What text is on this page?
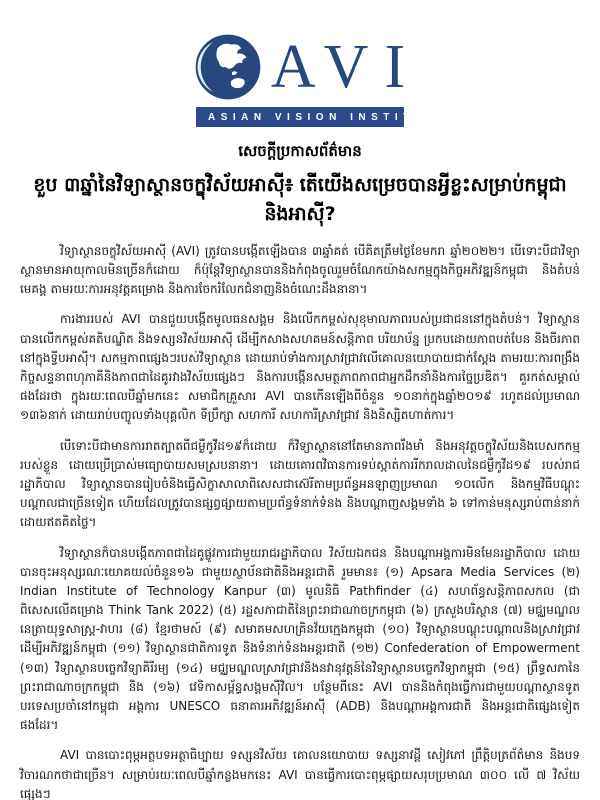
AVI
ASIAN VISION INSTITUTE
សេចក្តីប្រកាសព័ត៌មាន
ខួប ៣ឆ្នាំនៃវិទ្យាស្ថានចក្ខុវិស័យអាស៊ី៖ តើយើងសម្រេចបានអ្វីខ្លះសម្រាប់កម្ពុជា និងអាស៊ី?

វិទ្យាស្ថានចក្ខុវិស័យអាស៊ី (AVI) ត្រូវបានបង្កើតឡើងបាន ៣ឆ្នាំគត់ បើគិតត្រឹមថ្ងៃខែមករា ឆ្នាំ២០២២។ បើទោះបីជាវិទ្យាស្ថានមានអាយុកាលមិនច្រើនក៏ដោយ ក៏ប៉ុន្តែវិទ្យាស្ថានបាននិងកំពុងចូលរួមចំណែកយ៉ាងសកម្មក្នុងកិច្ចអភិវឌ្ឍន៍កម្ពុជា និងតំបន់មេគង្គ តាមរយៈការអនុវត្តគម្រោង និងការចែករំលែកជំនាញនិងចំណេះដឹងនានា។

ការងាររបស់ AVI បានជួយបង្កើតមូលធនសង្គម និងលើកកម្ពស់សុខុមាលភាពរបស់ប្រជាជននៅក្នុងតំបន់។ វិទ្យាស្ថានបានលើកកម្ពស់គតិបណ្ឌិត និងទស្សនវិស័យអាស៊ី ដើម្បីកសាងសហគមន៍សន្តិភាព បរិយាប័ន្ន ប្រកបដោយភាពបត់បែន និងចីរភាពនៅក្នុងទ្វីបអាស៊ី។ សកម្មភាពផ្សេងៗរបស់វិទ្យាស្ថាន ដោយរាប់ទាំងការស្រាវជ្រាវលើគោលនយោបាយជាក់ស្តែង តាមរយៈការពង្រឹងកិច្ចសន្ទនាពហុភាគីនិងភាពជាដៃគូរវាងវិស័យផ្សេងៗ និងការបង្កើនសមត្ថភាពភាពជាអ្នកដឹកនាំនិងការច្នៃប្រឌិត។ គួរកត់សម្គាល់ផងដែរថា ក្នុងរយៈពេលបីឆ្នាំមកនេះ សមាជិកគ្រួសារ AVI បានកើនឡើងពីចំនួន ១០នាក់ក្នុងឆ្នាំ២០១៩ រហូតដល់ប្រមាណ ១៣៦នាក់ ដោយរាប់បញ្ចូលទាំងបុគ្គលិក ទីប្រឹក្សា សហការី សហការីស្រាវជ្រាវ និងនិស្សិតហាត់ការ។

បើទោះបីជាមានការរាតត្បាតពីជម្ងឺកូវីដ១៩ក៏ដោយ ក៏វិទ្យាស្ថាននៅតែមានភាពរឹងមាំ និងអនុវត្តចក្ខុវិស័យនិងបេសកកម្មរបស់ខ្លួន ដោយប្រើប្រាស់មធ្យោបាយសមស្របនានា។ ដោយគោរពវិធានការទប់ស្កាត់ការរីករាលដាលនៃជម្ងឺកូវីដ១៩ របស់រាជរដ្ឋាភិបាល វិទ្យាស្ថានបានរៀបចំនិងធ្វើសិក្ខាសាលាពិសេសជាស៊េរីតាមប្រព័ន្ធអនឡាញប្រមាណ ១០លើក និងកម្មវិធីបណ្តុះបណ្តាលជាច្រើនទៀត ហើយដែលត្រូវបានផ្សព្វផ្សាយតាមប្រព័ន្ធទំនាក់ទំនង និងបណ្តាញសង្គមទាំង ៦ ទៅកាន់មនុស្សរាប់ពាន់នាក់ ដោយឥតគិតថ្លៃ។

វិទ្យាស្ថានក៏បានបង្កើតភាពជាដៃគូផ្លូវការជាមួយរាជរដ្ឋាភិបាល វិស័យឯកជន និងបណ្តាអង្គការមិនមែនរដ្ឋាភិបាល ដោយបានចុះអនុស្សរណៈយោគយល់ចំនួន១៦ ជាមួយស្ថាប័នជាតិនិងអន្តរជាតិ រួមមាន៖ (១) Apsara Media Services (២) Indian Institute of Technology Kanpur (៣) មូលនិធិ Pathfinder (៤) សហព័ន្ធសន្តិភាពសកល (ជាពិសេសលើគម្រោង Think Tank 2022) (៥) រដ្ឋសភាជាតិនៃព្រះរាជាណាចក្រកម្ពុជា (៦) ក្រសួងបរិស្ថាន (៧) មជ្ឈមណ្ឌលនេត្រាយុទ្ធសាស្ត្រ-វាហរ (៨) ខ្មែរថាមស៍ (៩) សមាគមសហគ្រិនវ័យក្មេងកម្ពុជា (១០) វិទ្យាស្ថានបណ្តុះបណ្តាលនិងស្រាវជ្រាវដើម្បីអភិវឌ្ឍន៍កម្ពុជា (១១) វិទ្យាស្ថានជាតិការទូត និងទំនាក់ទំនងអន្តរជាតិ (១២) Confederation of Empowerment (១៣) វិទ្យាស្ថានបច្ចេកវិទ្យាគិរីរម្យ (១៤) មជ្ឈមណ្ឌលស្រាវជ្រាវនិងនវានុវត្តន៍នៃវិទ្យាស្ថានបច្ចេកវិទ្យាកម្ពុជា (១៥) ព្រឹទ្ធសភានៃព្រះរាជាណាចក្រកម្ពុជា និង (១៦) វេទិកាសម្ព័ន្ធសង្គមស៊ីវិល។ បន្ថែមពីនេះ AVI បាននិងកំពុងធ្វើការជាមួយបណ្តាស្ថានទូតបរទេសប្រចាំនៅកម្ពុជា អង្គការ UNESCO ធនាគារអភិវឌ្ឍន៍អាស៊ី (ADB) និងបណ្តាអង្គការជាតិ និងអន្តរជាតិផ្សេងទៀតផងដែរ។

AVI បានបោះពុម្ភអត្ថបទអត្ថាធិប្បាយ ទស្សនវិស័យ គោលនយោបាយ ទស្សនាវដ្តី សៀវភៅ ព្រឹត្តិបត្រព័ត៌មាន និងបទវិចារណកថាជាច្រើន។ សម្រាប់រយៈពេលបីឆ្នាំកន្លងមកនេះ AVI បានធ្វើការបោះពុម្ភផ្សាយសរុបប្រមាណ ៣០០ លើ ៧ វិស័យផ្សេងៗ
